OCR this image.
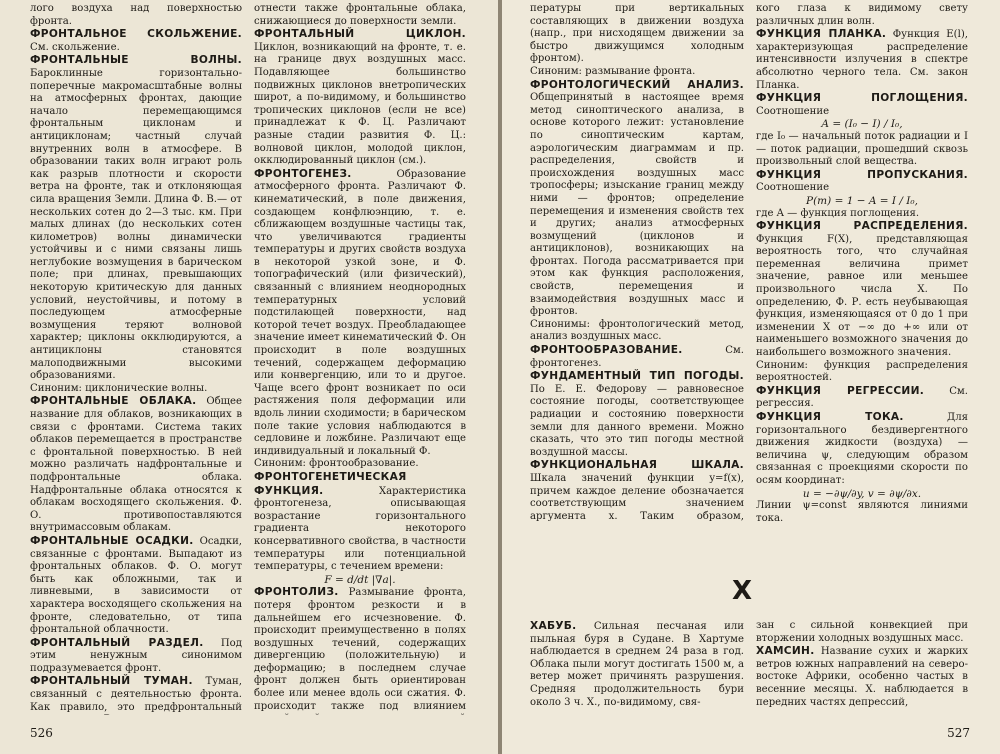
лого воздуха над поверхностью фронта.

ФРОНТАЛЬНОЕ СКОЛЬЖЕНИЕ. См. скольжение.

ФРОНТАЛЬНЫЕ ВОЛНЫ. Бароклинные горизонтально-поперечные макромасштабные волны на атмосферных фронтах, дающие начало перемещающимся фронтальным циклонам и антициклонам; частный случай внутренних волн в атмосфере. В образовании таких волн играют роль как разрыв плотности и скорости ветра на фронте, так и отклоняющая сила вращения Земли. Длина Ф. В.— от нескольких сотен до 2—3 тыс. км. При малых длинах (до нескольких сотен километров) волны динамически устойчивы и с ними связаны лишь неглубокие возмущения в барическом поле; при длинах, превышающих некоторую критическую для данных условий, неустойчивы, и потому в последующем атмосферные возмущения теряют волновой характер; циклоны окклюдируются, а антициклоны становятся малоподвижными высокими образованиями.

Синоним: циклонические волны.

ФРОНТАЛЬНЫЕ ОБЛАКА. Общее название для облаков, возникающих в связи с фронтами. Система таких облаков перемещается в пространстве с фронтальной поверхностью. В ней можно различать надфронтальные и подфронтальные облака. Надфронтальные облака относятся к облакам восходящего скольжения. Ф. О. противопоставляются внутримассовым облакам.

ФРОНТАЛЬНЫЕ ОСАДКИ. Осадки, связанные с фронтами. Выпадают из фронтальных облаков. Ф. О. могут быть как обложными, так и ливневыми, в зависимости от характера восходящего скольжения на фронте, следовательно, от типа фронтальной облачности.

ФРОНТАЛЬНЫЙ РАЗДЕЛ. Под этим ненужным синонимом подразумевается фронт.

ФРОНТАЛЬНЫЙ ТУМАН. Туман, связанный с деятельностью фронта. Как правило, это предфронтальный

отнести также фронтальные облака, снижающиеся до поверхности земли.

ФРОНТАЛЬНЫЙ ЦИКЛОН. Циклон, возникающий на фронте, т. е. на границе двух воздушных масс. Подавляющее большинство подвижных циклонов внетропических широт, а по-видимому, и большинство тропических циклонов (если не все) принадлежат к Ф. Ц. Различают разные стадии развития Ф. Ц.: волновой циклон, молодой циклон, окклюдированный циклон (см.).

ФРОНТОГЕНЕЗ.	Образование атмосферного фронта. Различают Ф. кинематический, в поле движения, создающем конфлюэнцию, т. е. сближающем воздушные частицы так, что увеличиваются градиенты температуры и других свойств воздуха в некоторой узкой зоне, и Ф. топографический (или физический), связанный с влиянием неоднородных температурных условий подстилающей поверхности, над которой течет воздух. Преобладающее значение имеет кинематический Ф. Он происходит в поле воздушных течений, содержащем деформацию или конвергенцию, или то и другое. Чаще всего фронт возникает по оси растяжения поля деформации или вдоль линии сходимости; в барическом поле такие условия наблюдаются в седловине и ложбине. Различают еще индивидуальный и локальный Ф.

Синоним: фронтообразование.

ФРОНТОГЕНЕТИЧЕСКАЯ ФУНКЦИЯ.	Характеристика фронтогенеза, описывающая возрастание горизонтального градиента некоторого консервативного свойства, в частности температуры или потенциальной температуры, с течением времени:

F = d/dt |∇a|.

ФРОНТОЛИЗ. Размывание фронта, потеря фронтом резкости и в дальнейшем его исчезновение. Ф. происходит преимущественно в полях воздушных течений, содержащих дивергенцию (положительную) и деформацию; в последнем случае фронт должен быть ориентирован более или менее вдоль оси сжатия. Ф. происходит также под влиянием

526

пературы при вертикальных составляющих в движении воздуха (напр., при нисходящем движении за быстро движущимся холодным фронтом).

Синоним: размывание фронта.

ФРОНТОЛОГИЧЕСКИЙ АНАЛИЗ. Общепринятый в настоящее время метод синоптического анализа, в основе которого лежит: установление по синоптическим картам, аэрологическим диаграммам и пр. распределения, свойств и происхождения воздушных масс тропосферы; изыскание границ между ними — фронтов; определение перемещения и изменения свойств тех и других; анализ атмосферных возмущений (циклонов и антициклонов), возникающих на фронтах. Погода рассматривается при этом как функция расположения, свойств, перемещения и взаимодействия воздушных масс и фронтов.

Синонимы: фронтологический метод, анализ воздушных масс.

ФРОНТООБРАЗОВАНИЕ.	См. фронтогенез.

ФУНДАМЕНТНЫЙ ТИП ПОГОДЫ. По Е. Е. Федорову — равновесное состояние погоды, соответствующее радиации и состоянию поверхности земли для данного времени. Можно сказать, что это тип погоды местной воздушной массы.

ФУНКЦИОНАЛЬНАЯ ШКАЛА. Шкала значений функции y=f(x), причем каждое деление обозначается соответствующим значением аргумента x. Таким образом,

кого глаза к видимому свету различных длин волн.

ФУНКЦИЯ ПЛАНКА. Функция E(l), характеризующая распределение интенсивности излучения в спектре абсолютно черного тела. См. закон Планка.

ФУНКЦИЯ ПОГЛОЩЕНИЯ. Соотношение

A = (I₀ − I) / I₀,

где I₀ — начальный поток радиации и I — поток радиации, прошедший сквозь произвольный слой вещества.

ФУНКЦИЯ ПРОПУСКАНИЯ. Соотношение

P(m) = 1 − A = I / I₀,

где A — функция поглощения.

ФУНКЦИЯ РАСПРЕДЕЛЕНИЯ. Функция F(X), представляющая вероятность того, что случайная переменная величина примет значение, равное или меньшее произвольного числа X. По определению, Ф. Р. есть неубывающая функция, изменяющаяся от 0 до 1 при изменении X от −∞ до +∞ или от наименьшего возможного значения до наибольшего возможного значения.

Синоним: функция распределения вероятностей.

ФУНКЦИЯ РЕГРЕССИИ. См. регрессия.

ФУНКЦИЯ ТОКА.	Для горизонтального бездивергентного движения жидкости (воздуха) — величина ψ, следующим образом связанная с проекциями скорости по осям координат:

u = −∂ψ/∂y, v = ∂ψ/∂x.

Линии ψ=const являются линиями тока.

Х

ХАБУБ. Сильная песчаная или пыльная буря в Судане. В Хартуме наблюдается в среднем 24 раза в год. Облака пыли могут достигать 1500 м, а ветер может причинять разрушения. Средняя продолжительность бури около 3 ч. Х., по-видимому, свя-

зан с сильной конвекцией при вторжении холодных воздушных масс.

ХАМСИН. Название сухих и жарких ветров южных направлений на северо-востоке Африки, особенно частых в весенние месяцы. Х. наблюдается в передних частях депрессий,

527
